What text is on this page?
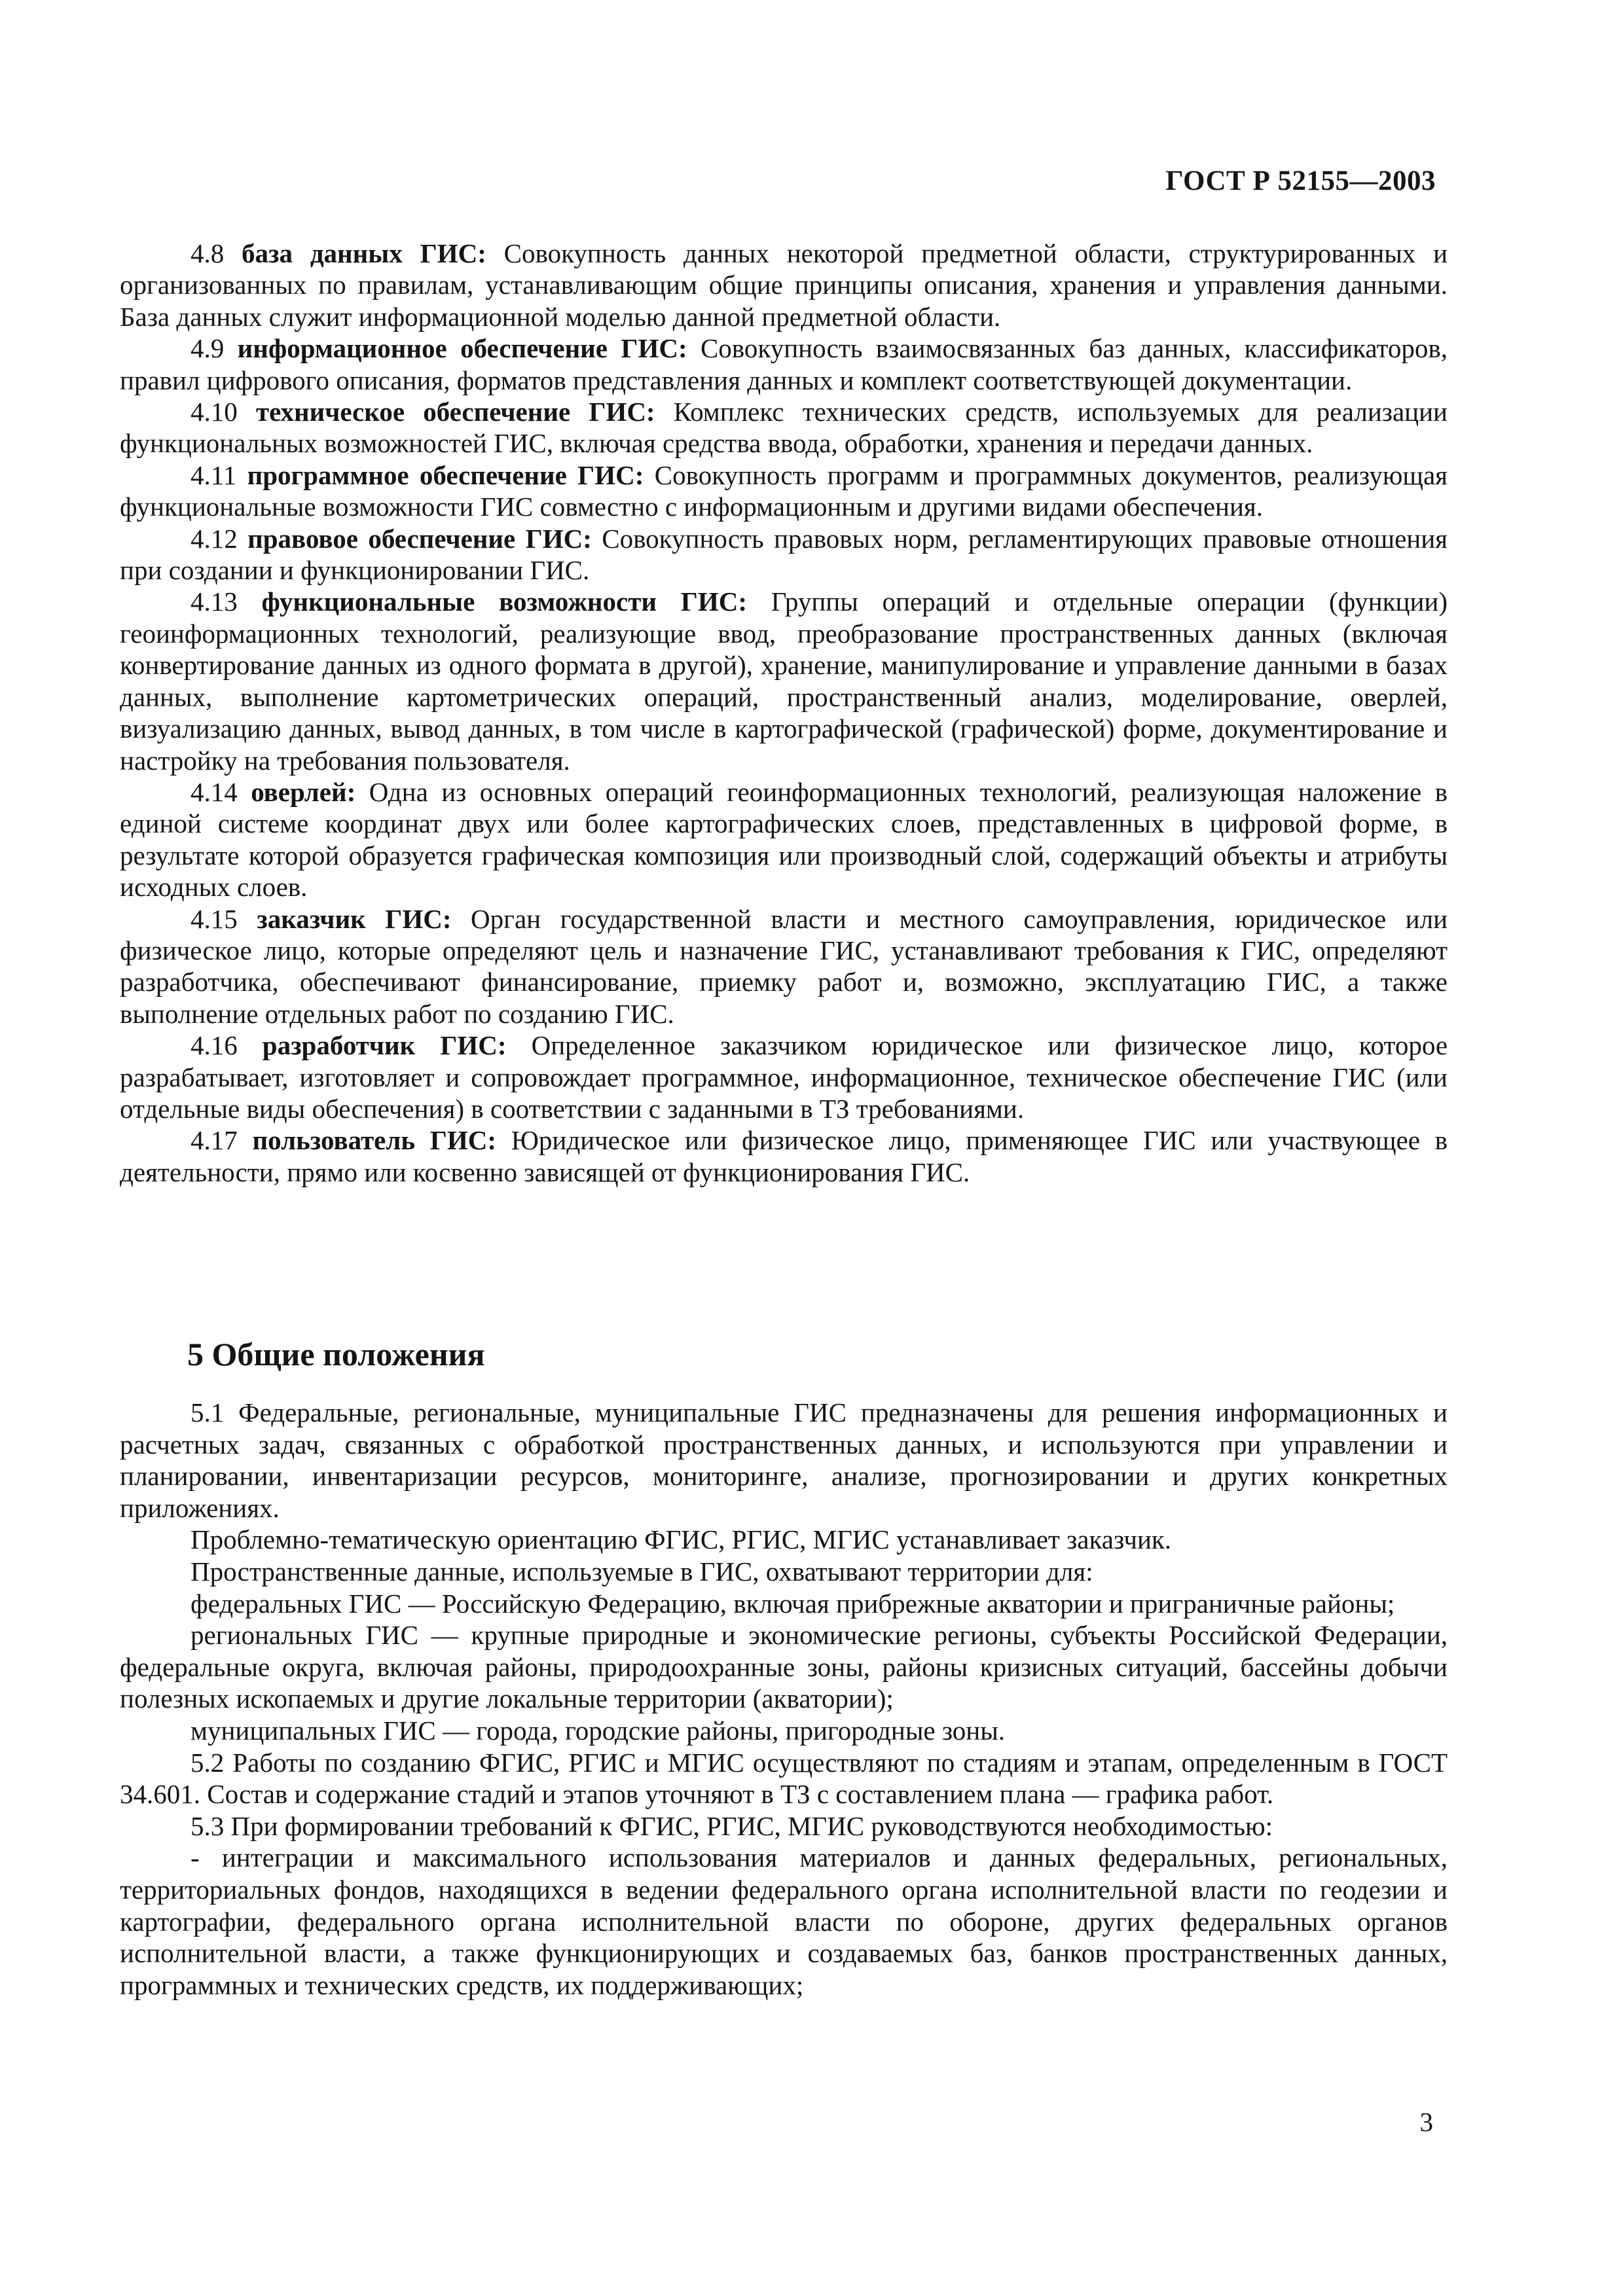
ГОСТ Р 52155—2003

4.8 база данных ГИС: Совокупность данных некоторой предметной области, структурированных и организованных по правилам, устанавливающим общие принципы описания, хранения и управления данными. База данных служит информационной моделью данной предметной области.

4.9 информационное обеспечение ГИС: Совокупность взаимосвязанных баз данных, классификаторов, правил цифрового описания, форматов представления данных и комплект соответствующей документации.

4.10 техническое обеспечение ГИС: Комплекс технических средств, используемых для реализации функциональных возможностей ГИС, включая средства ввода, обработки, хранения и передачи данных.

4.11 программное обеспечение ГИС: Совокупность программ и программных документов, реализующая функциональные возможности ГИС совместно с информационным и другими видами обеспечения.

4.12 правовое обеспечение ГИС: Совокупность правовых норм, регламентирующих правовые отношения при создании и функционировании ГИС.

4.13 функциональные возможности ГИС: Группы операций и отдельные операции (функции) геоинформационных технологий, реализующие ввод, преобразование пространственных данных (включая конвертирование данных из одного формата в другой), хранение, манипулирование и управление данными в базах данных, выполнение картометрических операций, пространственный анализ, моделирование, оверлей, визуализацию данных, вывод данных, в том числе в картографической (графической) форме, документирование и настройку на требования пользователя.

4.14 оверлей: Одна из основных операций геоинформационных технологий, реализующая наложение в единой системе координат двух или более картографических слоев, представленных в цифровой форме, в результате которой образуется графическая композиция или производный слой, содержащий объекты и атрибуты исходных слоев.

4.15 заказчик ГИС: Орган государственной власти и местного самоуправления, юридическое или физическое лицо, которые определяют цель и назначение ГИС, устанавливают требования к ГИС, определяют разработчика, обеспечивают финансирование, приемку работ и, возможно, эксплуатацию ГИС, а также выполнение отдельных работ по созданию ГИС.

4.16 разработчик ГИС: Определенное заказчиком юридическое или физическое лицо, которое разрабатывает, изготовляет и сопровождает программное, информационное, техническое обеспечение ГИС (или отдельные виды обеспечения) в соответствии с заданными в ТЗ требованиями.

4.17 пользователь ГИС: Юридическое или физическое лицо, применяющее ГИС или участвующее в деятельности, прямо или косвенно зависящей от функционирования ГИС.

5 Общие положения

5.1 Федеральные, региональные, муниципальные ГИС предназначены для решения информационных и расчетных задач, связанных с обработкой пространственных данных, и используются при управлении и планировании, инвентаризации ресурсов, мониторинге, анализе, прогнозировании и других конкретных приложениях.

Проблемно-тематическую ориентацию ФГИС, РГИС, МГИС устанавливает заказчик.

Пространственные данные, используемые в ГИС, охватывают территории для:

федеральных ГИС — Российскую Федерацию, включая прибрежные акватории и приграничные районы;

региональных ГИС — крупные природные и экономические регионы, субъекты Российской Федерации, федеральные округа, включая районы, природоохранные зоны, районы кризисных ситуаций, бассейны добычи полезных ископаемых и другие локальные территории (акватории);

муниципальных ГИС — города, городские районы, пригородные зоны.

5.2 Работы по созданию ФГИС, РГИС и МГИС осуществляют по стадиям и этапам, определенным в ГОСТ 34.601. Состав и содержание стадий и этапов уточняют в ТЗ с составлением плана — графика работ.

5.3 При формировании требований к ФГИС, РГИС, МГИС руководствуются необходимостью:

- интеграции и максимального использования материалов и данных федеральных, региональных, территориальных фондов, находящихся в ведении федерального органа исполнительной власти по геодезии и картографии, федерального органа исполнительной власти по обороне, других федеральных органов исполнительной власти, а также функционирующих и создаваемых баз, банков пространственных данных, программных и технических средств, их поддерживающих;

3
